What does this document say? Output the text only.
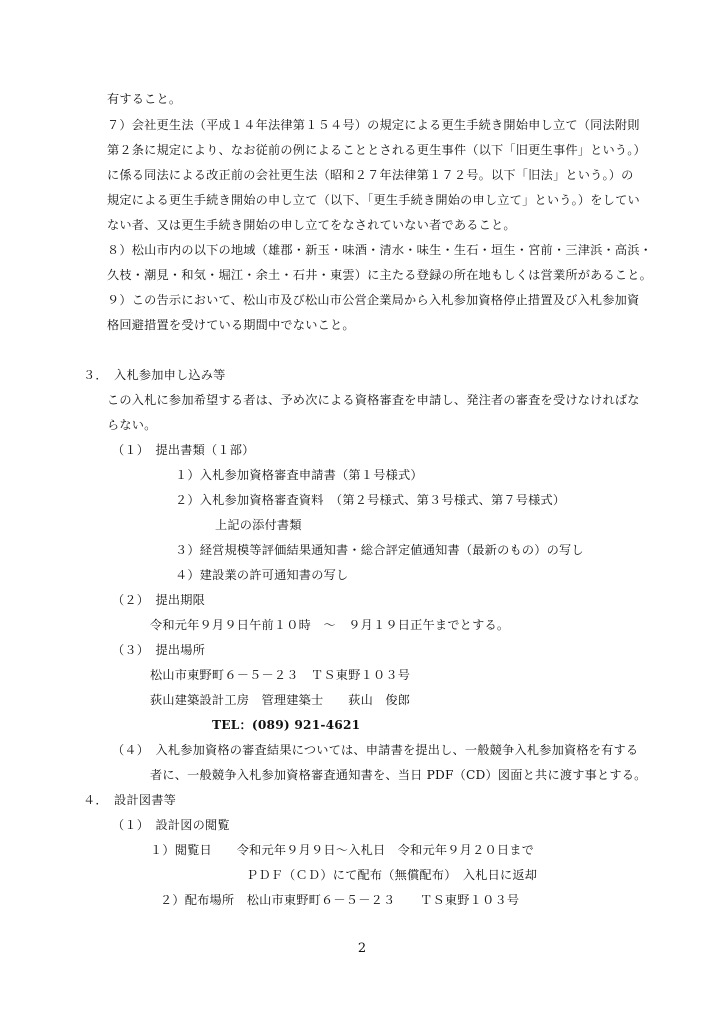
有すること。
７）会社更生法（平成１４年法律第１５４号）の規定による更生手続き開始申し立て（同法附則
第２条に規定により、なお従前の例によることとされる更生事件（以下「旧更生事件」という。）
に係る同法による改正前の会社更生法（昭和２７年法律第１７２号。以下「旧法」という。）の
規定による更生手続き開始の申し立て（以下、「更生手続き開始の申し立て」という。）をしてい
ない者、又は更生手続き開始の申し立てをなされていない者であること。
８）松山市内の以下の地域（雄郡・新玉・味酒・清水・味生・生石・垣生・宮前・三津浜・高浜・
久枝・潮見・和気・堀江・余土・石井・東雲）に主たる登録の所在地もしくは営業所があること。
９）この告示において、松山市及び松山市公営企業局から入札参加資格停止措置及び入札参加資
格回避措置を受けている期間中でないこと。
３．　入札参加申し込み等
この入札に参加希望する者は、予め次による資格審査を申請し、発注者の審査を受けなければな
らない。
（１）　提出書類（１部）
１）入札参加資格審査申請書（第１号様式）
２）入札参加資格審査資料　（第２号様式、第３号様式、第７号様式）
上記の添付書類
３）経営規模等評価結果通知書・総合評定値通知書（最新のもの）の写し
４）建設業の許可通知書の写し
（２）　提出期限
令和元年９月９日午前１０時　～　９月１９日正午までとする。
（３）　提出場所
松山市東野町６－５－２３　ＴＳ東野１０３号
荻山建築設計工房　管理建築士　　荻山　俊郎
TEL：(089) 921-4621
（４）　入札参加資格の審査結果については、申請書を提出し、一般競争入札参加資格を有する
者に、一般競争入札参加資格審査通知書を、当日 PDF（CD）図面と共に渡す事とする。
４．　設計図書等
（１）　設計図の閲覧
１）閲覧日　　令和元年９月９日～入札日　令和元年９月２０日まで
ＰＤＦ（ＣＤ）にて配布（無償配布）　入札日に返却
２）配布場所　松山市東野町６－５－２３　　ＴＳ東野１０３号
2
